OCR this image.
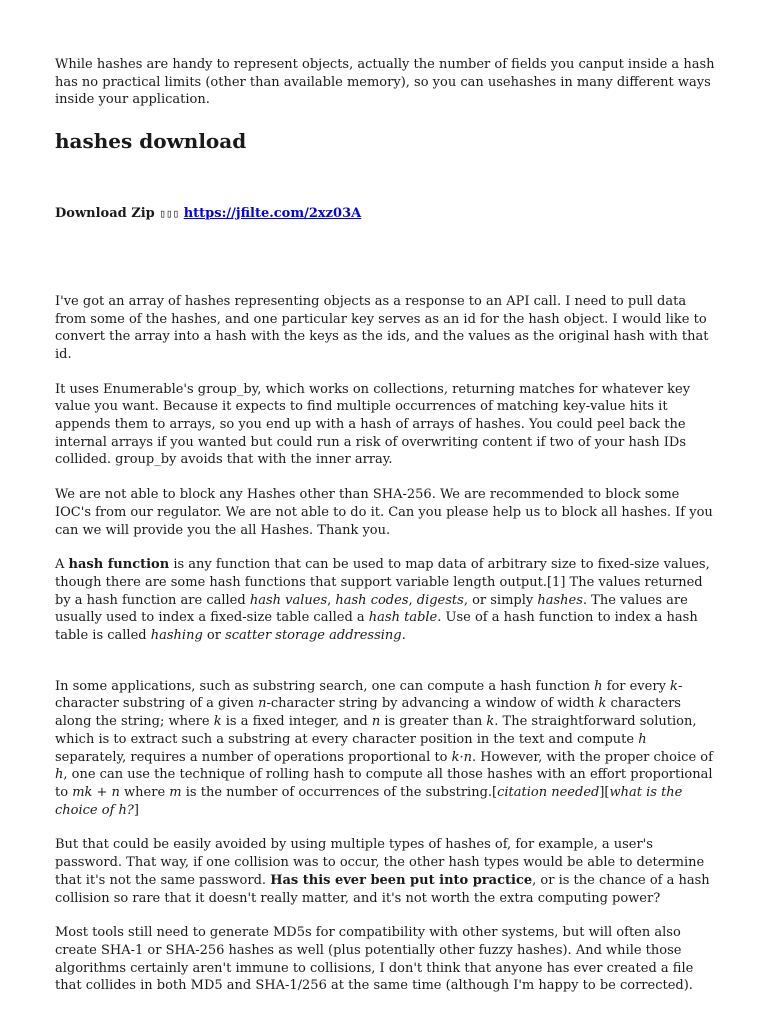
While hashes are handy to represent objects, actually the number of fields you canput inside a hash has no practical limits (other than available memory), so you can usehashes in many different ways inside your application.

hashes download
Download Zip ▯▯▯ https://jfilte.com/2xz03A

I've got an array of hashes representing objects as a response to an API call. I need to pull data from some of the hashes, and one particular key serves as an id for the hash object. I would like to convert the array into a hash with the keys as the ids, and the values as the original hash with that id.

It uses Enumerable's group_by, which works on collections, returning matches for whatever key value you want. Because it expects to find multiple occurrences of matching key-value hits it appends them to arrays, so you end up with a hash of arrays of hashes. You could peel back the internal arrays if you wanted but could run a risk of overwriting content if two of your hash IDs collided. group_by avoids that with the inner array.

We are not able to block any Hashes other than SHA-256. We are recommended to block some IOC's from our regulator. We are not able to do it. Can you please help us to block all hashes. If you can we will provide you the all Hashes. Thank you.

A hash function is any function that can be used to map data of arbitrary size to fixed-size values, though there are some hash functions that support variable length output.[1] The values returned by a hash function are called hash values, hash codes, digests, or simply hashes. The values are usually used to index a fixed-size table called a hash table. Use of a hash function to index a hash table is called hashing or scatter storage addressing.

In some applications, such as substring search, one can compute a hash function h for every k-character substring of a given n-character string by advancing a window of width k characters along the string; where k is a fixed integer, and n is greater than k. The straightforward solution, which is to extract such a substring at every character position in the text and compute h separately, requires a number of operations proportional to k·n. However, with the proper choice of h, one can use the technique of rolling hash to compute all those hashes with an effort proportional to mk + n where m is the number of occurrences of the substring.[citation needed][what is the choice of h?]

But that could be easily avoided by using multiple types of hashes of, for example, a user's password. That way, if one collision was to occur, the other hash types would be able to determine that it's not the same password. Has this ever been put into practice, or is the chance of a hash collision so rare that it doesn't really matter, and it's not worth the extra computing power?

Most tools still need to generate MD5s for compatibility with other systems, but will often also create SHA-1 or SHA-256 hashes as well (plus potentially other fuzzy hashes). And while those algorithms certainly aren't immune to collisions, I don't think that anyone has ever created a file that collides in both MD5 and SHA-1/256 at the same time (although I'm happy to be corrected).
